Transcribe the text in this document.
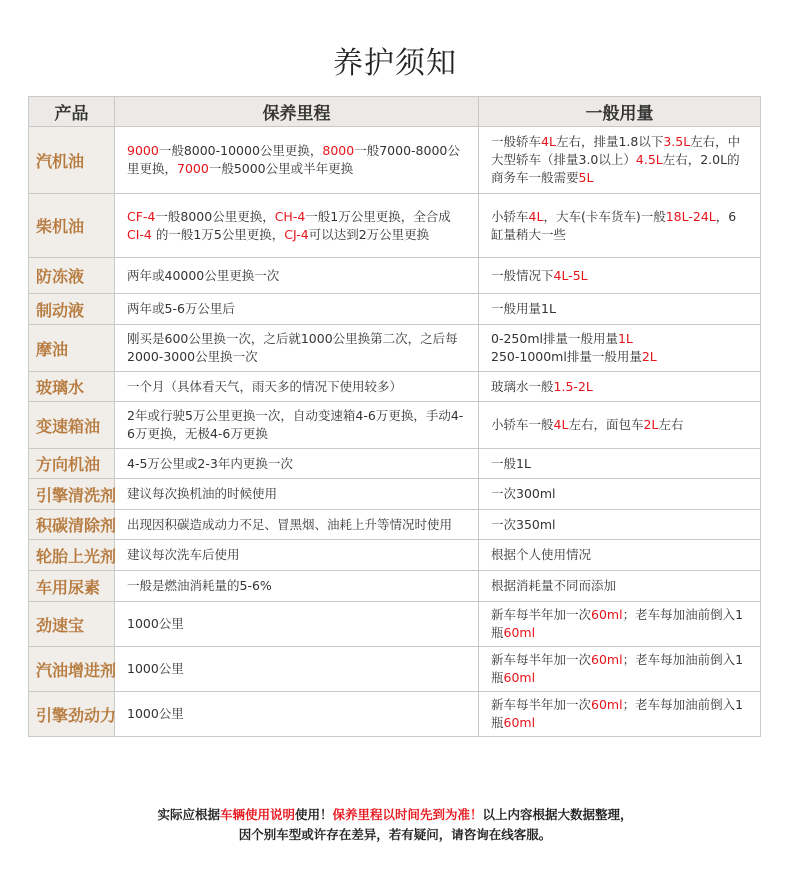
养护须知
产品	保养里程	一般用量
汽机油	9000一般8000-10000公里更换，8000一般7000-8000公里更换，7000一般5000公里或半年更换	一般轿车4L左右，排量1.8以下3.5L左右，中大型轿车（排量3.0以上）4.5L左右，2.0L的商务车一般需要5L
柴机油	CF-4一般8000公里更换，CH-4一般1万公里更换，全合成CI-4 的一般1万5公里更换，CJ-4可以达到2万公里更换	小轿车4L，大车(卡车货车)一般18L-24L，6缸量稍大一些
防冻液	两年或40000公里更换一次	一般情况下4L-5L
制动液	两年或5-6万公里后	一般用量1L
摩油	刚买是600公里换一次，之后就1000公里换第二次，之后每2000-3000公里换一次	0-250ml排量一般用量1L
250-1000ml排量一般用量2L
玻璃水	一个月（具体看天气，雨天多的情况下使用较多）	玻璃水一般1.5-2L
变速箱油	2年或行驶5万公里更换一次，自动变速箱4-6万更换，手动4-6万更换，无极4-6万更换	小轿车一般4L左右，面包车2L左右
方向机油	4-5万公里或2-3年内更换一次	一般1L
引擎清洗剂	建议每次换机油的时候使用	一次300ml
积碳清除剂	出现因积碳造成动力不足、冒黑烟、油耗上升等情况时使用	一次350ml
轮胎上光剂	建议每次洗车后使用	根据个人使用情况
车用尿素	一般是燃油消耗量的5-6%	根据消耗量不同而添加
劲速宝	1000公里	新车每半年加一次60ml；老车每加油前倒入1瓶60ml
汽油增进剂	1000公里	新车每半年加一次60ml；老车每加油前倒入1瓶60ml
引擎劲动力	1000公里	新车每半年加一次60ml；老车每加油前倒入1瓶60ml
实际应根据车辆使用说明使用！保养里程以时间先到为准！以上内容根据大数据整理，
因个别车型或许存在差异，若有疑问，请咨询在线客服。
